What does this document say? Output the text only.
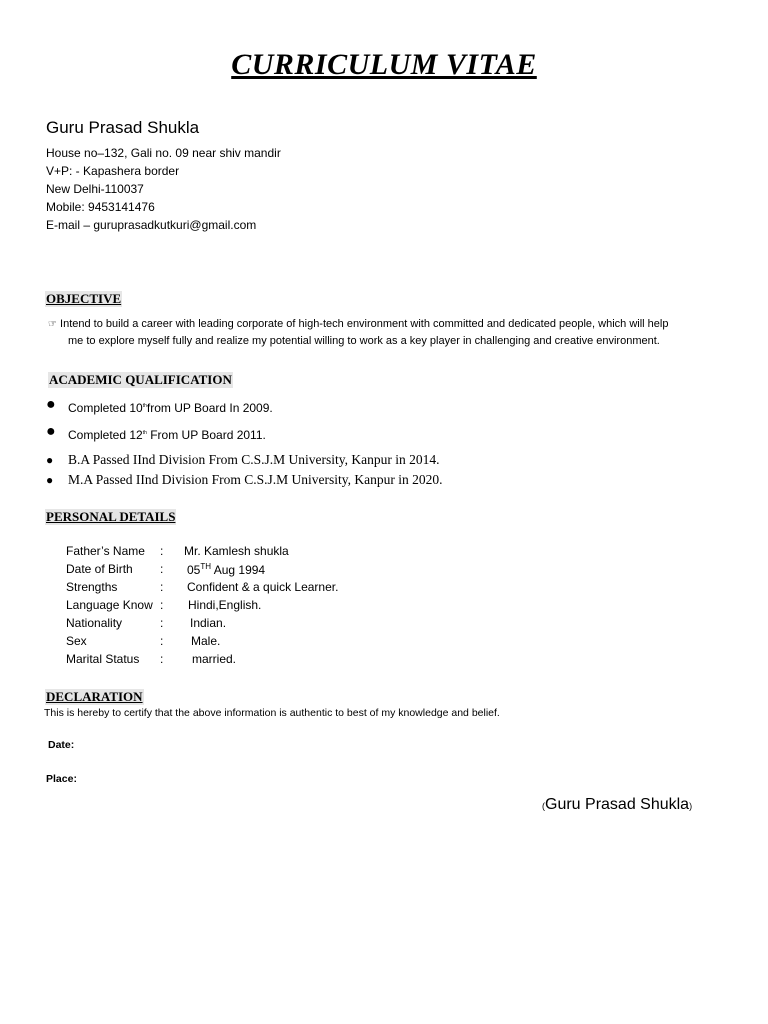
CURRICULUM VITAE
Guru Prasad Shukla
House no–132, Gali no. 09 near shiv mandir
V+P: - Kapashera border
New Delhi-110037
Mobile: 9453141476
E-mail – guruprasadkutkuri@gmail.com
OBJECTIVE
☞ Intend to build a career with leading corporate of high-tech environment with committed and dedicated people, which will help
me to explore myself fully and realize my potential willing to work as a key player in challenging and creative environment.
ACADEMIC QUALIFICATION
● Completed 10thfrom UP Board In 2009.
● Completed 12th From UP Board 2011.
● B.A Passed IInd Division From C.S.J.M University, Kanpur in 2014.
● M.A Passed IInd Division From C.S.J.M University, Kanpur in 2020.
PERSONAL DETAILS
Father’s Name	:	Mr. Kamlesh shukla
Date of Birth	:	05TH Aug 1994
Strengths	:	Confident & a quick Learner.
Language Know	:	Hindi,English.
Nationality	:	Indian.
Sex	:	Male.
Marital Status	:	married.
DECLARATION
This is hereby to certify that the above information is authentic to best of my knowledge and belief.
Date:
Place:
(Guru Prasad Shukla)
